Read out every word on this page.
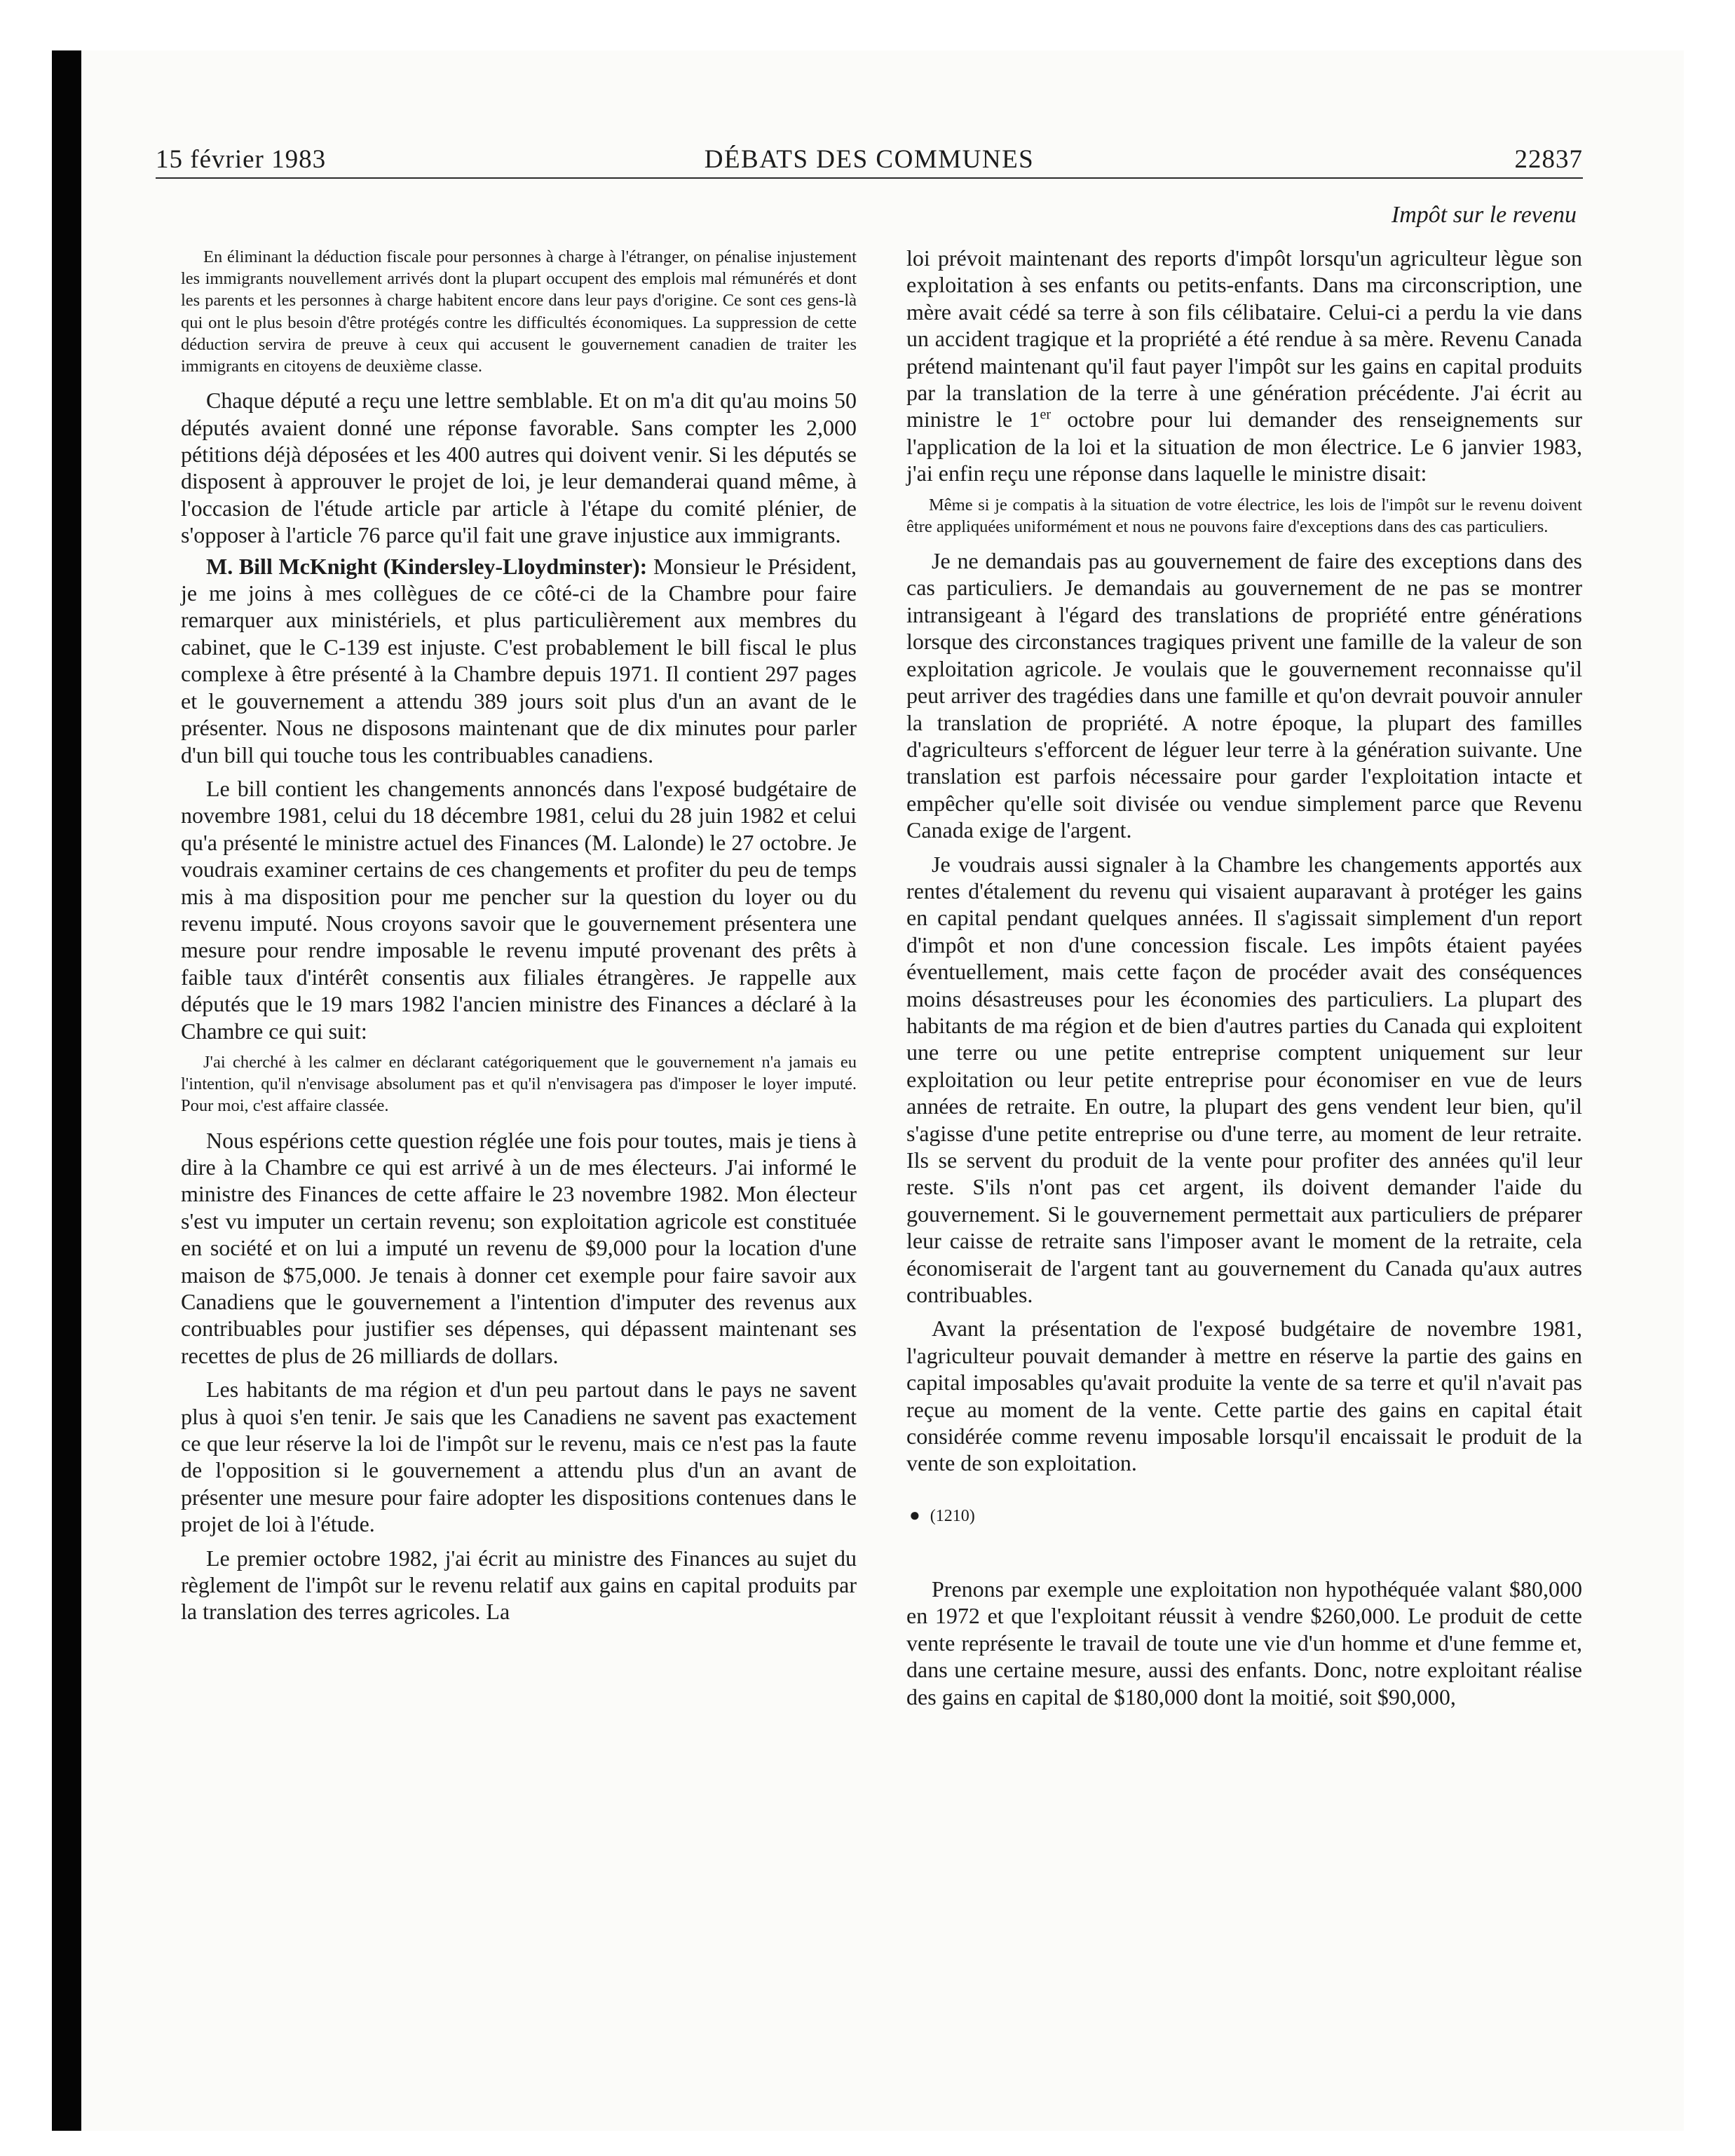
15 février 1983	DÉBATS DES COMMUNES	22837

En éliminant la déduction fiscale pour personnes à charge à l'étranger, on pénalise injustement les immigrants nouvellement arrivés dont la plupart occupent des emplois mal rémunérés et dont les parents et les personnes à charge habitent encore dans leur pays d'origine. Ce sont ces gens-là qui ont le plus besoin d'être protégés contre les difficultés économiques. La suppression de cette déduction servira de preuve à ceux qui accusent le gouvernement canadien de traiter les immigrants en citoyens de deuxième classe.

Chaque député a reçu une lettre semblable. Et on m'a dit qu'au moins 50 députés avaient donné une réponse favorable. Sans compter les 2,000 pétitions déjà déposées et les 400 autres qui doivent venir. Si les députés se disposent à approuver le projet de loi, je leur demanderai quand même, à l'occasion de l'étude article par article à l'étape du comité plénier, de s'opposer à l'article 76 parce qu'il fait une grave injustice aux immigrants.

M. Bill McKnight (Kindersley-Lloydminster): Monsieur le Président, je me joins à mes collègues de ce côté-ci de la Chambre pour faire remarquer aux ministériels, et plus particulièrement aux membres du cabinet, que le C-139 est injuste. C'est probablement le bill fiscal le plus complexe à être présenté à la Chambre depuis 1971. Il contient 297 pages et le gouvernement a attendu 389 jours soit plus d'un an avant de le présenter. Nous ne disposons maintenant que de dix minutes pour parler d'un bill qui touche tous les contribuables canadiens.

Le bill contient les changements annoncés dans l'exposé budgétaire de novembre 1981, celui du 18 décembre 1981, celui du 28 juin 1982 et celui qu'a présenté le ministre actuel des Finances (M. Lalonde) le 27 octobre. Je voudrais examiner certains de ces changements et profiter du peu de temps mis à ma disposition pour me pencher sur la question du loyer ou du revenu imputé. Nous croyons savoir que le gouvernement présentera une mesure pour rendre imposable le revenu imputé provenant des prêts à faible taux d'intérêt consentis aux filiales étrangères. Je rappelle aux députés que le 19 mars 1982 l'ancien ministre des Finances a déclaré à la Chambre ce qui suit:

J'ai cherché à les calmer en déclarant catégoriquement que le gouvernement n'a jamais eu l'intention, qu'il n'envisage absolument pas et qu'il n'envisagera pas d'imposer le loyer imputé. Pour moi, c'est affaire classée.

Nous espérions cette question réglée une fois pour toutes, mais je tiens à dire à la Chambre ce qui est arrivé à un de mes électeurs. J'ai informé le ministre des Finances de cette affaire le 23 novembre 1982. Mon électeur s'est vu imputer un certain revenu; son exploitation agricole est constituée en société et on lui a imputé un revenu de $9,000 pour la location d'une maison de $75,000. Je tenais à donner cet exemple pour faire savoir aux Canadiens que le gouvernement a l'intention d'imputer des revenus aux contribuables pour justifier ses dépenses, qui dépassent maintenant ses recettes de plus de 26 milliards de dollars.

Les habitants de ma région et d'un peu partout dans le pays ne savent plus à quoi s'en tenir. Je sais que les Canadiens ne savent pas exactement ce que leur réserve la loi de l'impôt sur le revenu, mais ce n'est pas la faute de l'opposition si le gouvernement a attendu plus d'un an avant de présenter une mesure pour faire adopter les dispositions contenues dans le projet de loi à l'étude.

Le premier octobre 1982, j'ai écrit au ministre des Finances au sujet du règlement de l'impôt sur le revenu relatif aux gains en capital produits par la translation des terres agricoles. La

Impôt sur le revenu

loi prévoit maintenant des reports d'impôt lorsqu'un agriculteur lègue son exploitation à ses enfants ou petits-enfants. Dans ma circonscription, une mère avait cédé sa terre à son fils célibataire. Celui-ci a perdu la vie dans un accident tragique et la propriété a été rendue à sa mère. Revenu Canada prétend maintenant qu'il faut payer l'impôt sur les gains en capital produits par la translation de la terre à une génération précédente. J'ai écrit au ministre le 1er octobre pour lui demander des renseignements sur l'application de la loi et la situation de mon électrice. Le 6 janvier 1983, j'ai enfin reçu une réponse dans laquelle le ministre disait:

Même si je compatis à la situation de votre électrice, les lois de l'impôt sur le revenu doivent être appliquées uniformément et nous ne pouvons faire d'exceptions dans des cas particuliers.

Je ne demandais pas au gouvernement de faire des exceptions dans des cas particuliers. Je demandais au gouvernement de ne pas se montrer intransigeant à l'égard des translations de propriété entre générations lorsque des circonstances tragiques privent une famille de la valeur de son exploitation agricole. Je voulais que le gouvernement reconnaisse qu'il peut arriver des tragédies dans une famille et qu'on devrait pouvoir annuler la translation de propriété. A notre époque, la plupart des familles d'agriculteurs s'efforcent de léguer leur terre à la génération suivante. Une translation est parfois nécessaire pour garder l'exploitation intacte et empêcher qu'elle soit divisée ou vendue simplement parce que Revenu Canada exige de l'argent.

Je voudrais aussi signaler à la Chambre les changements apportés aux rentes d'étalement du revenu qui visaient auparavant à protéger les gains en capital pendant quelques années. Il s'agissait simplement d'un report d'impôt et non d'une concession fiscale. Les impôts étaient payées éventuellement, mais cette façon de procéder avait des conséquences moins désastreuses pour les économies des particuliers. La plupart des habitants de ma région et de bien d'autres parties du Canada qui exploitent une terre ou une petite entreprise comptent uniquement sur leur exploitation ou leur petite entreprise pour économiser en vue de leurs années de retraite. En outre, la plupart des gens vendent leur bien, qu'il s'agisse d'une petite entreprise ou d'une terre, au moment de leur retraite. Ils se servent du produit de la vente pour profiter des années qu'il leur reste. S'ils n'ont pas cet argent, ils doivent demander l'aide du gouvernement. Si le gouvernement permettait aux particuliers de préparer leur caisse de retraite sans l'imposer avant le moment de la retraite, cela économiserait de l'argent tant au gouvernement du Canada qu'aux autres contribuables.

Avant la présentation de l'exposé budgétaire de novembre 1981, l'agriculteur pouvait demander à mettre en réserve la partie des gains en capital imposables qu'avait produite la vente de sa terre et qu'il n'avait pas reçue au moment de la vente. Cette partie des gains en capital était considérée comme revenu imposable lorsqu'il encaissait le produit de la vente de son exploitation.

● (1210)

Prenons par exemple une exploitation non hypothéquée valant $80,000 en 1972 et que l'exploitant réussit à vendre $260,000. Le produit de cette vente représente le travail de toute une vie d'un homme et d'une femme et, dans une certaine mesure, aussi des enfants. Donc, notre exploitant réalise des gains en capital de $180,000 dont la moitié, soit $90,000,
